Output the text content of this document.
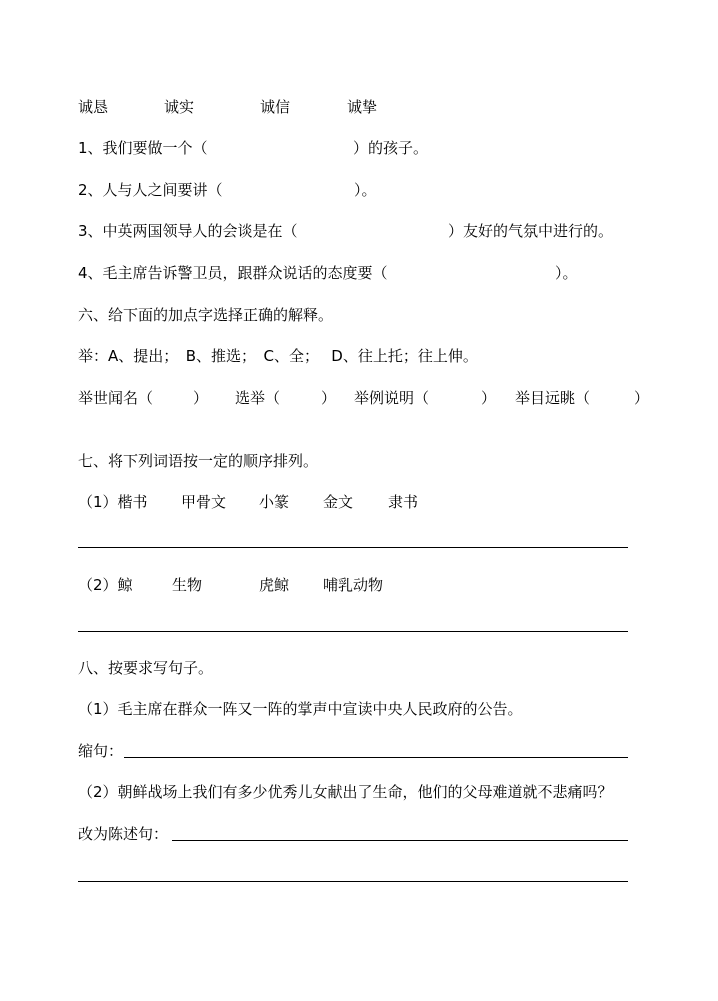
诚恳	诚实	诚信	诚挚
1、我们要做一个（	）的孩子。
2、人与人之间要讲（	）。
3、中英两国领导人的会谈是在（	）友好的气氛中进行的。
4、毛主席告诉警卫员，跟群众说话的态度要（	）。
六、给下面的加点字选择正确的解释。
举：A、提出；　B、推选；　C、全；　 D、往上托；往上伸。
举世闻名（	） 选举（	） 举例说明（	） 举目远眺（	）
七、将下列词语按一定的顺序排列。
（1）楷书 甲骨文 小篆 金文 隶书
（2）鲸	生物	虎鲸 哺乳动物
八、按要求写句子。
（1）毛主席在群众一阵又一阵的掌声中宣读中央人民政府的公告。
缩句：
（2）朝鲜战场上我们有多少优秀儿女献出了生命，他们的父母难道就不悲痛吗？
改为陈述句：
